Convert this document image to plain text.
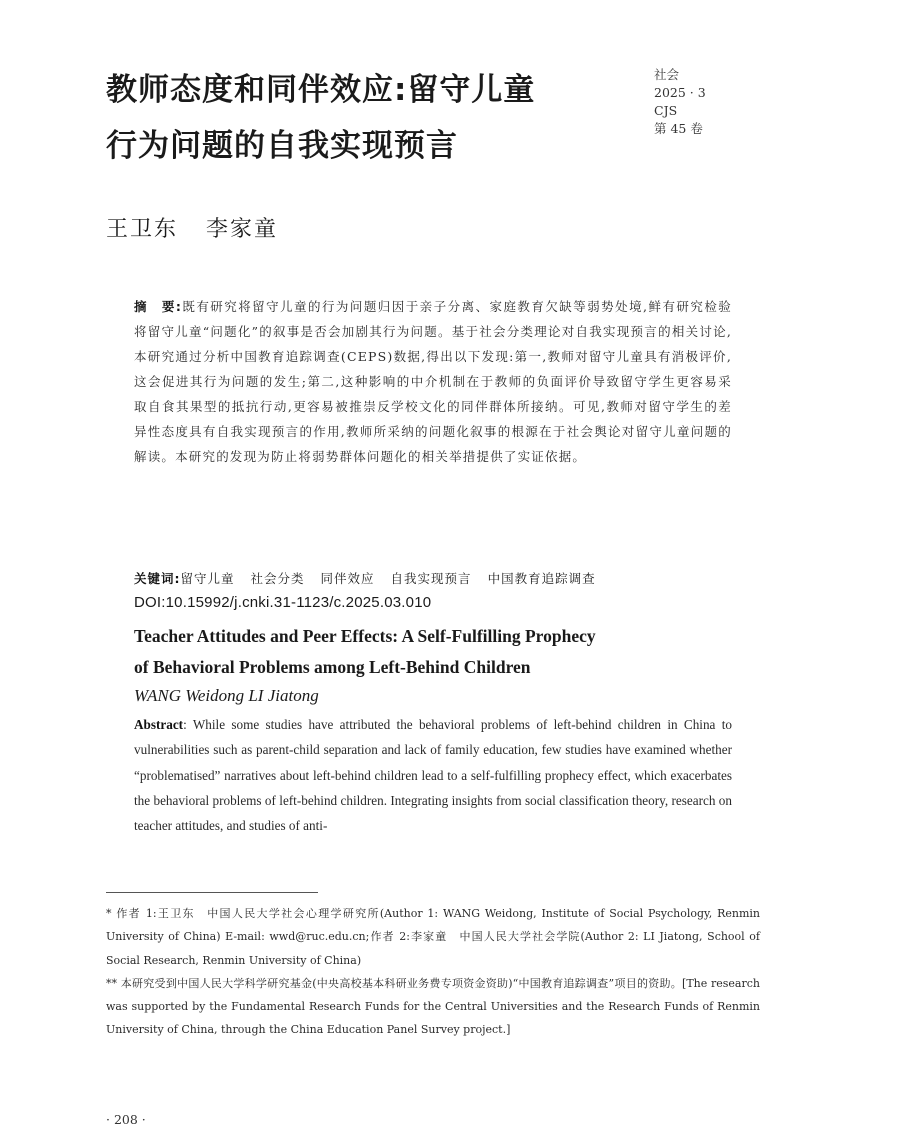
教师态度和同伴效应:留守儿童
行为问题的自我实现预言
社会
2025 · 3
CJS
第 45 卷
王卫东 李家童
摘　要:既有研究将留守儿童的行为问题归因于亲子分离、家庭教育欠缺等弱势处境,鲜有研究检验将留守儿童“问题化”的叙事是否会加剧其行为问题。基于社会分类理论对自我实现预言的相关讨论,本研究通过分析中国教育追踪调查(CEPS)数据,得出以下发现:第一,教师对留守儿童具有消极评价,这会促进其行为问题的发生;第二,这种影响的中介机制在于教师的负面评价导致留守学生更容易采取自食其果型的抵抗行动,更容易被推崇反学校文化的同伴群体所接纳。可见,教师对留守学生的差异性态度具有自我实现预言的作用,教师所采纳的问题化叙事的根源在于社会舆论对留守儿童问题的解读。本研究的发现为防止将弱势群体问题化的相关举措提供了实证依据。
关键词:留守儿童 社会分类 同伴效应 自我实现预言 中国教育追踪调查
DOI:10.15992/j.cnki.31-1123/c.2025.03.010
Teacher Attitudes and Peer Effects: A Self-Fulfilling Prophecy
of Behavioral Problems among Left-Behind Children
WANG Weidong LI Jiatong
Abstract: While some studies have attributed the behavioral problems of left-behind children in China to vulnerabilities such as parent-child separation and lack of family education, few studies have examined whether “problematised” narratives about left-behind children lead to a self-fulfilling prophecy effect, which exacerbates the behavioral problems of left-behind children. Integrating insights from social classification theory, research on teacher attitudes, and studies of anti-
* 作者 1:王卫东　中国人民大学社会心理学研究所(Author 1: WANG Weidong, Institute of Social Psychology, Renmin University of China) E-mail: wwd@ruc.edu.cn;作者 2:李家童　中国人民大学社会学院(Author 2: LI Jiatong, School of Social Research, Renmin University of China)
** 本研究受到中国人民大学科学研究基金(中央高校基本科研业务费专项资金资助)“中国教育追踪调查”项目的资助。[The research was supported by the Fundamental Research Funds for the Central Universities and the Research Funds of Renmin University of China, through the China Education Panel Survey project.]
· 208 ·
